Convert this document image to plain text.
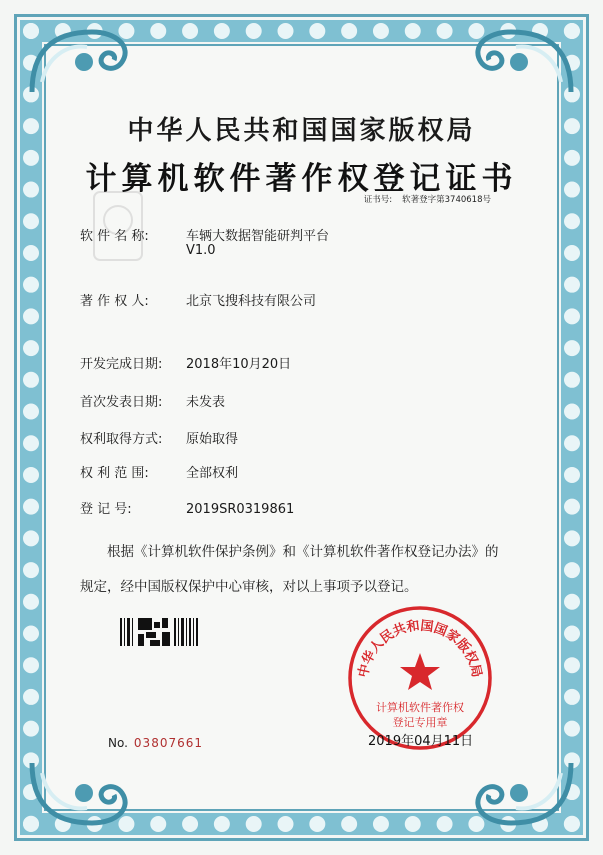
中华人民共和国国家版权局
计算机软件著作权登记证书
证书号: 软著登字第3740618号
软 件 名 称:	车辆大数据智能研判平台
V1.0
著 作 权 人:	北京飞搜科技有限公司
开发完成日期: 2018年10月20日
首次发表日期: 未发表
权利取得方式: 原始取得
权 利 范 围:	全部权利
登 记 号:	2019SR0319861
根据《计算机软件保护条例》和《计算机软件著作权登记办法》的
规定，经中国版权保护中心审核，对以上事项予以登记。
No. 03807661
中华人民共和国国家版权局
计算机软件著作权
登记专用章
2019年04月11日
